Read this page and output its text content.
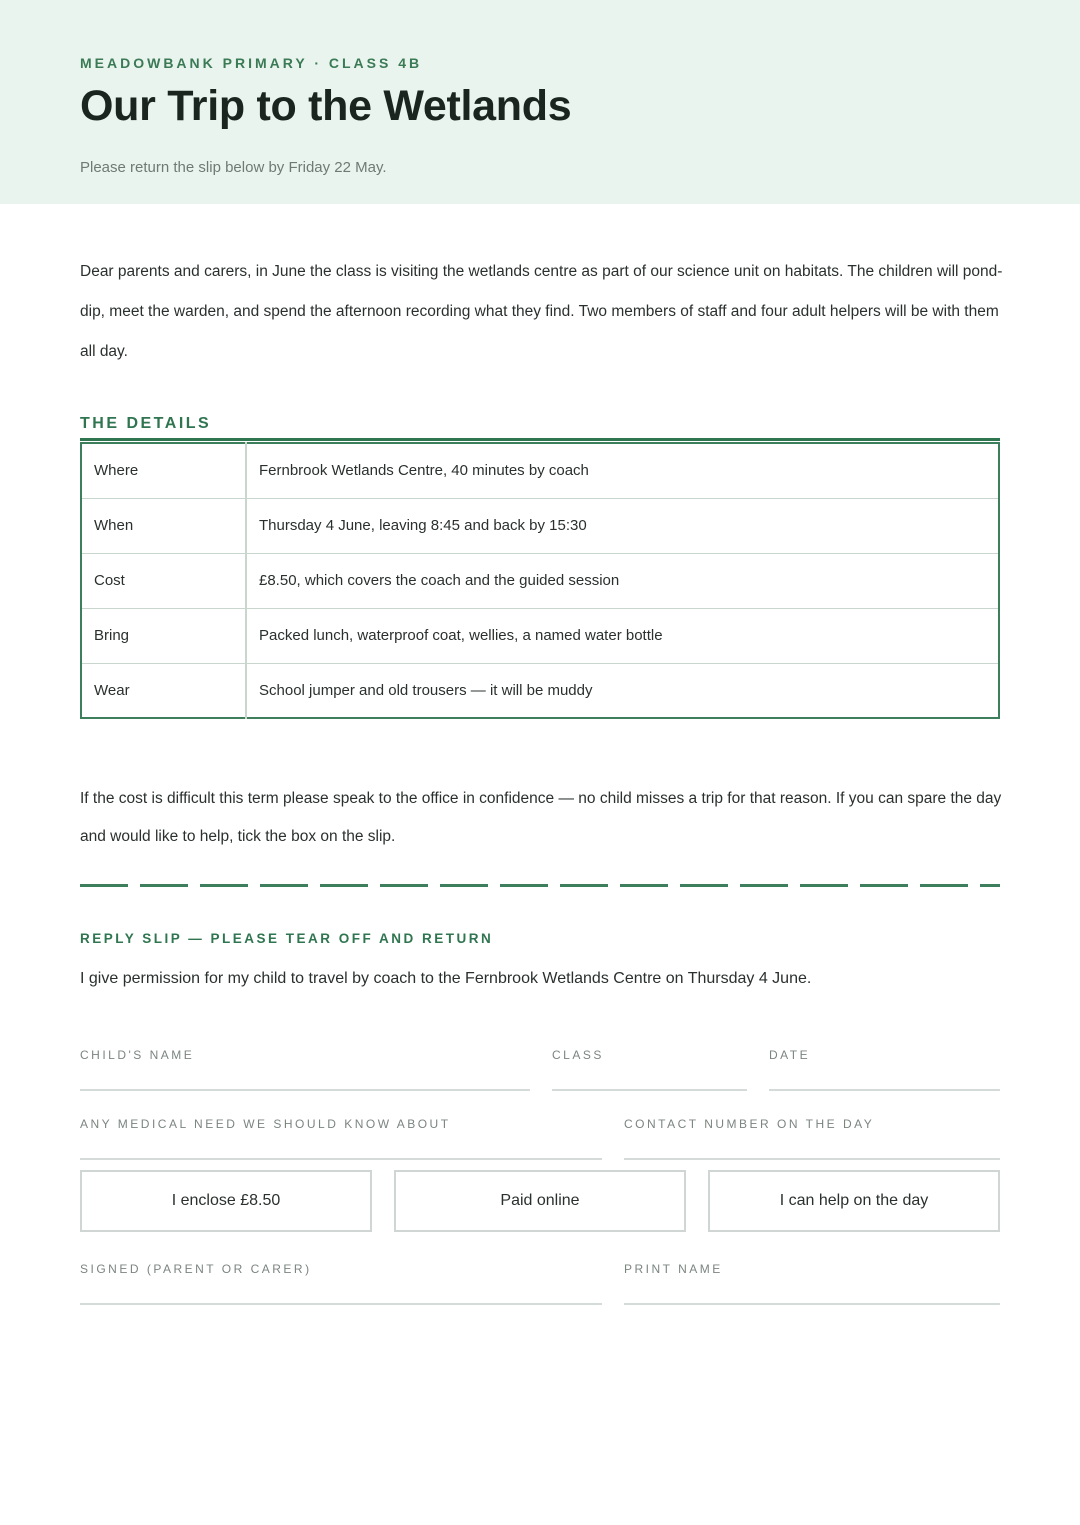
MEADOWBANK PRIMARY · CLASS 4B
Our Trip to the Wetlands
Please return the slip below by Friday 22 May.

Dear parents and carers, in June the class is visiting the wetlands centre as part of our science unit on habitats. The children will pond-dip, meet the warden, and spend the afternoon recording what they find. Two members of staff and four adult helpers will be with them all day.

THE DETAILS
Where	Fernbrook Wetlands Centre, 40 minutes by coach
When	Thursday 4 June, leaving 8:45 and back by 15:30
Cost	£8.50, which covers the coach and the guided session
Bring	Packed lunch, waterproof coat, wellies, a named water bottle
Wear	School jumper and old trousers — it will be muddy

If the cost is difficult this term please speak to the office in confidence — no child misses a trip for that reason. If you can spare the day and would like to help, tick the box on the slip.

REPLY SLIP — PLEASE TEAR OFF AND RETURN
I give permission for my child to travel by coach to the Fernbrook Wetlands Centre on Thursday 4 June.
CHILD'S NAME	CLASS	DATE
ANY MEDICAL NEED WE SHOULD KNOW ABOUT	CONTACT NUMBER ON THE DAY
I enclose £8.50	Paid online	I can help on the day
SIGNED (PARENT OR CARER)	PRINT NAME
